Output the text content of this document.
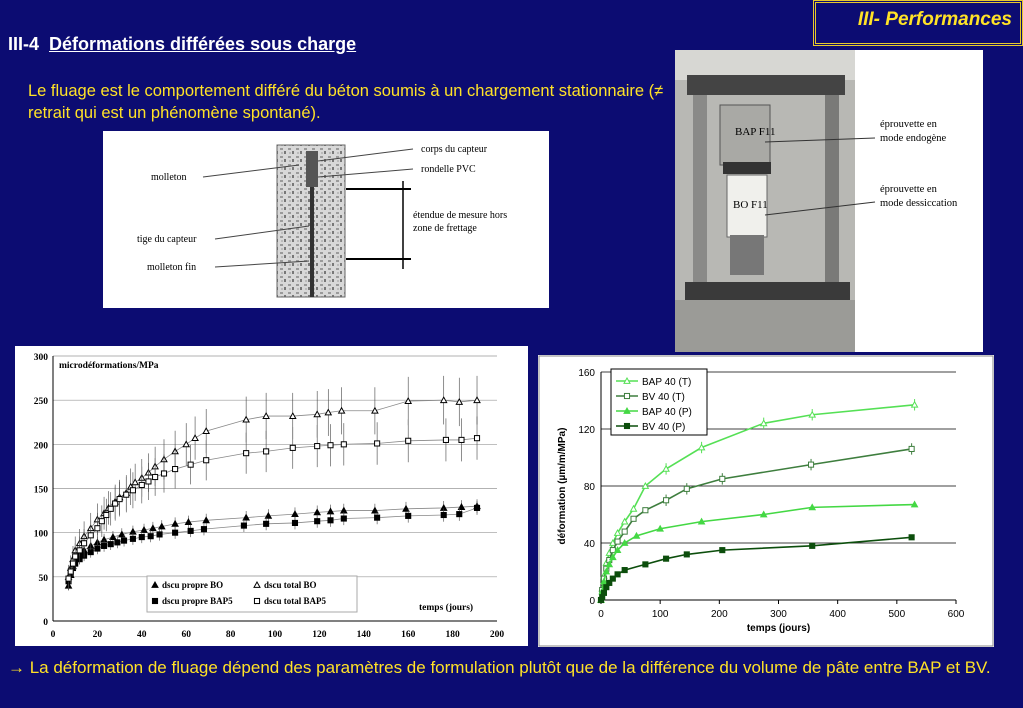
III- Performances
III-4 Déformations différées sous charge
Le fluage est le comportement différé du béton soumis à un chargement stationnaire (≠ retrait qui est un phénomène spontané).
molleton
tige du capteur
molleton fin
corps du capteur
rondelle PVC
étendue de mesure hors
zone de frettage
BAP F11
BO F11
éprouvette en
mode endogène
éprouvette en
mode dessiccation
0
50
100
150
200
250
300
0	20	40	60	80	100	120	140	160	180	200
microdéformations/MPa
temps (jours)
dscu propre BO	dscu total BO
dscu propre BAP5	dscu total BAP5	0
40
80
120
160
0	100	200	300	400	500	600
déformation (µm/m/MPa)
temps (jours)
BAP 40 (T)
BV 40 (T)
BAP 40 (P)
BV 40 (P)
→ La déformation de fluage dépend des paramètres de formulation plutôt que de la différence du volume de pâte entre BAP et BV.
